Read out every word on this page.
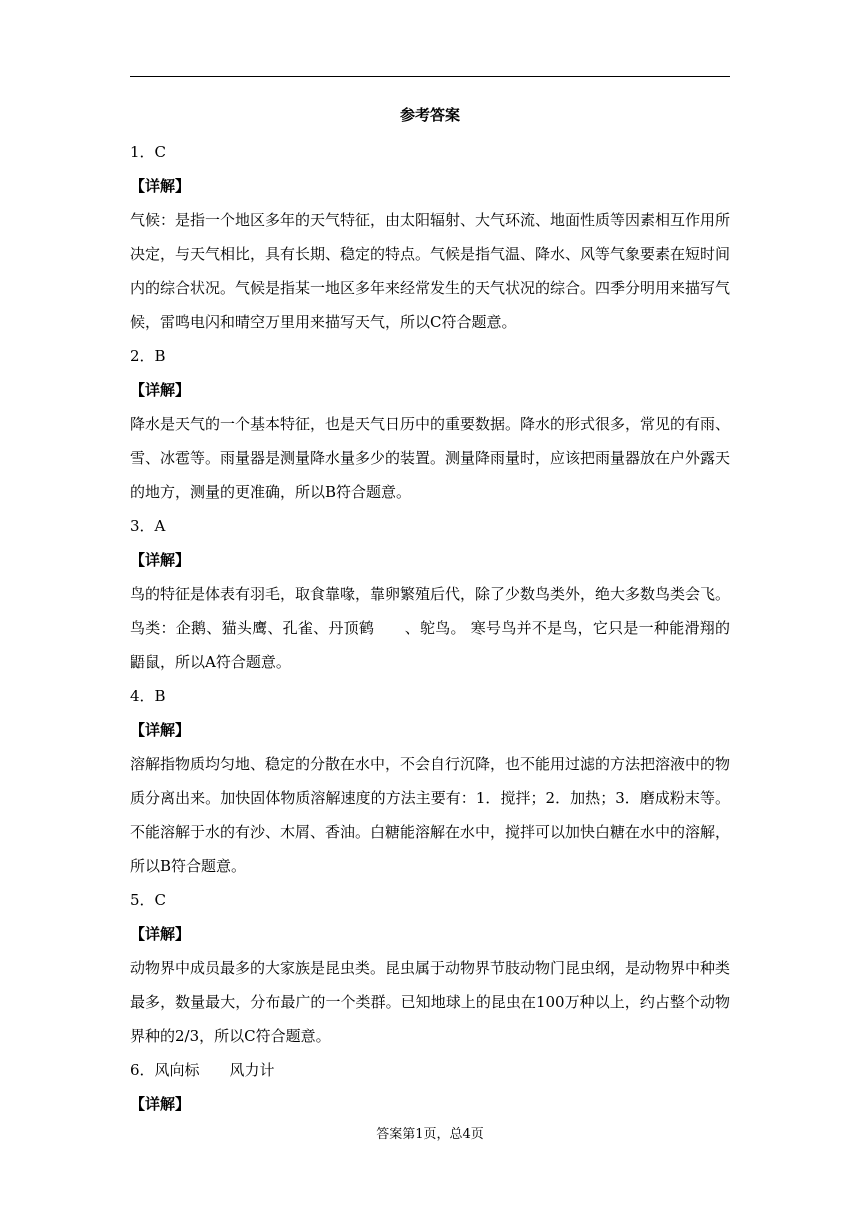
参考答案
1．C
【详解】
气候：是指一个地区多年的天气特征，由太阳辐射、大气环流、地面性质等因素相互作用所决定，与天气相比，具有长期、稳定的特点。气候是指气温、降水、风等气象要素在短时间内的综合状况。气候是指某一地区多年来经常发生的天气状况的综合。四季分明用来描写气候，雷鸣电闪和晴空万里用来描写天气，所以C符合题意。
2．B
【详解】
降水是天气的一个基本特征，也是天气日历中的重要数据。降水的形式很多，常见的有雨、雪、冰雹等。雨量器是测量降水量多少的装置。测量降雨量时，应该把雨量器放在户外露天的地方，测量的更准确，所以B符合题意。
3．A
【详解】
鸟的特征是体表有羽毛，取食靠喙，靠卵繁殖后代，除了少数鸟类外，绝大多数鸟类会飞。鸟类：企鹅、猫头鹰、孔雀、丹顶鹤　　、鸵鸟。 寒号鸟并不是鸟，它只是一种能滑翔的鼯鼠，所以A符合题意。
4．B
【详解】
溶解指物质均匀地、稳定的分散在水中，不会自行沉降，也不能用过滤的方法把溶液中的物质分离出来。加快固体物质溶解速度的方法主要有：1．搅拌；2．加热；3．磨成粉末等。不能溶解于水的有沙、木屑、香油。白糖能溶解在水中，搅拌可以加快白糖在水中的溶解，所以B符合题意。
5．C
【详解】
动物界中成员最多的大家族是昆虫类。昆虫属于动物界节肢动物门昆虫纲，是动物界中种类最多，数量最大，分布最广的一个类群。已知地球上的昆虫在100万种以上，约占整个动物界种的2/3，所以C符合题意。
6．风向标　　风力计
【详解】
答案第1页，总4页
